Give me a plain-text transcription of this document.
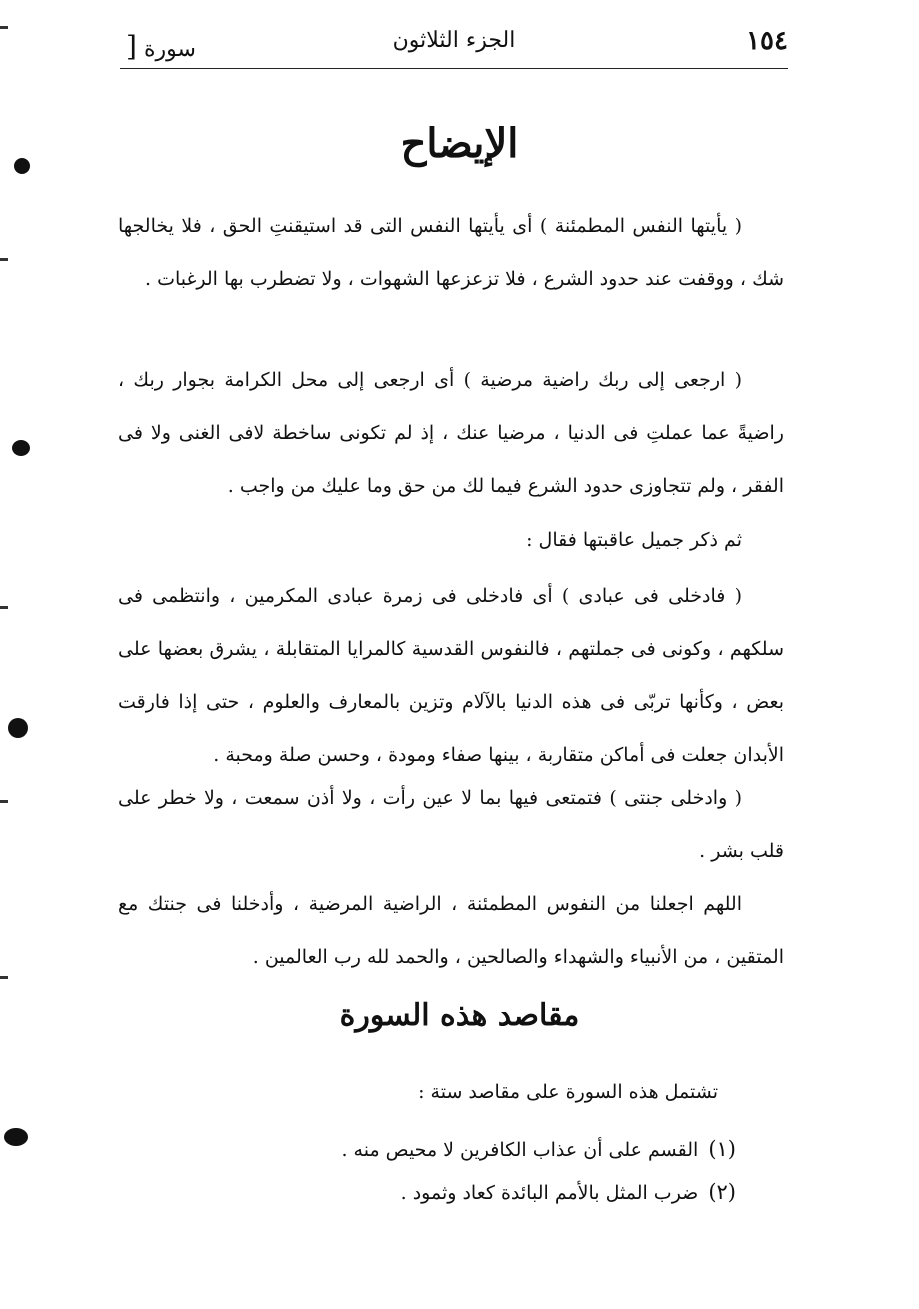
١٥٤
الجزء الثلاثون
سورة [
الإيضاح

( يأيتها النفس المطمئنة ) أى يأيتها النفس التى قد استيقنتِ الحق ، فلا يخالجها شك ، ووقفت عند حدود الشرع ، فلا تزعزعها الشهوات ، ولا تضطرب بها الرغبات .

( ارجعى إلى ربك راضية مرضية ) أى ارجعى إلى محل الكرامة بجوار ربك ، راضيةً عما عملتِ فى الدنيا ، مرضيا عنك ، إذ لم تكونى ساخطة لافى الغنى ولا فى الفقر ، ولم تتجاوزى حدود الشرع فيما لك من حق وما عليك من واجب .

ثم ذكر جميل عاقبتها فقال :

( فادخلى فى عبادى ) أى فادخلى فى زمرة عبادى المكرمين ، وانتظمى فى سلكهم ، وكونى فى جملتهم ، فالنفوس القدسية كالمرايا المتقابلة ، يشرق بعضها على بعض ، وكأنها تربّى فى هذه الدنيا بالآلام وتزين بالمعارف والعلوم ، حتى إذا فارقت الأبدان جعلت فى أماكن متقاربة ، بينها صفاء ومودة ، وحسن صلة ومحبة .

( وادخلى جنتى ) فتمتعى فيها بما لا عين رأت ، ولا أذن سمعت ، ولا خطر على قلب بشر .

اللهم اجعلنا من النفوس المطمئنة ، الراضية المرضية ، وأدخلنا فى جنتك مع المتقين ، من الأنبياء والشهداء والصالحين ، والحمد لله رب العالمين .

مقاصد هذه السورة
تشتمل هذه السورة على مقاصد ستة :
(١)القسم على أن عذاب الكافرين لا محيص منه .
(٢)ضرب المثل بالأمم البائدة كعاد وثمود .
